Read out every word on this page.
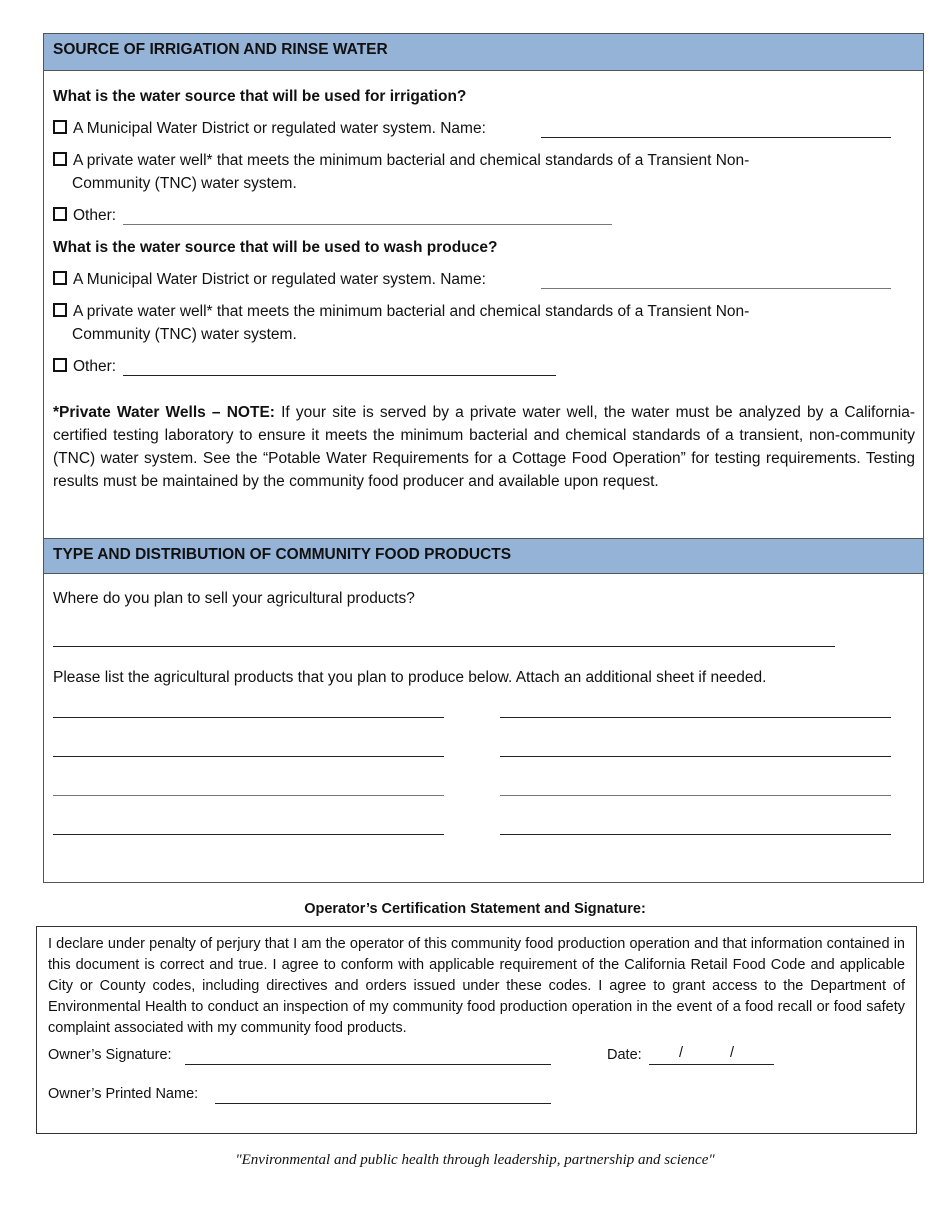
SOURCE OF IRRIGATION AND RINSE WATER
What is the water source that will be used for irrigation?
A Municipal Water District or regulated water system. Name:
A private water well* that meets the minimum bacterial and chemical standards of a Transient Non-
Community (TNC) water system.
Other:
What is the water source that will be used to wash produce?
A Municipal Water District or regulated water system. Name:
A private water well* that meets the minimum bacterial and chemical standards of a Transient Non-
Community (TNC) water system.
Other:
*Private Water Wells – NOTE: If your site is served by a private water well, the water must be analyzed by a California-certified testing laboratory to ensure it meets the minimum bacterial and chemical standards of a transient, non-community (TNC) water system. See the “Potable Water Requirements for a Cottage Food Operation” for testing requirements. Testing results must be maintained by the community food producer and available upon request.
TYPE AND DISTRIBUTION OF COMMUNITY FOOD PRODUCTS
Where do you plan to sell your agricultural products?
Please list the agricultural products that you plan to produce below. Attach an additional sheet if needed.
Operator’s Certification Statement and Signature:
I declare under penalty of perjury that I am the operator of this community food production operation and that information contained in this document is correct and true. I agree to conform with applicable requirement of the California Retail Food Code and applicable City or County codes, including directives and orders issued under these codes. I agree to grant access to the Department of Environmental Health to conduct an inspection of my community food production operation in the event of a food recall or food safety complaint associated with my community food products.
Owner’s Signature:	Date:	/	/
Owner’s Printed Name:
"Environmental and public health through leadership, partnership and science"
